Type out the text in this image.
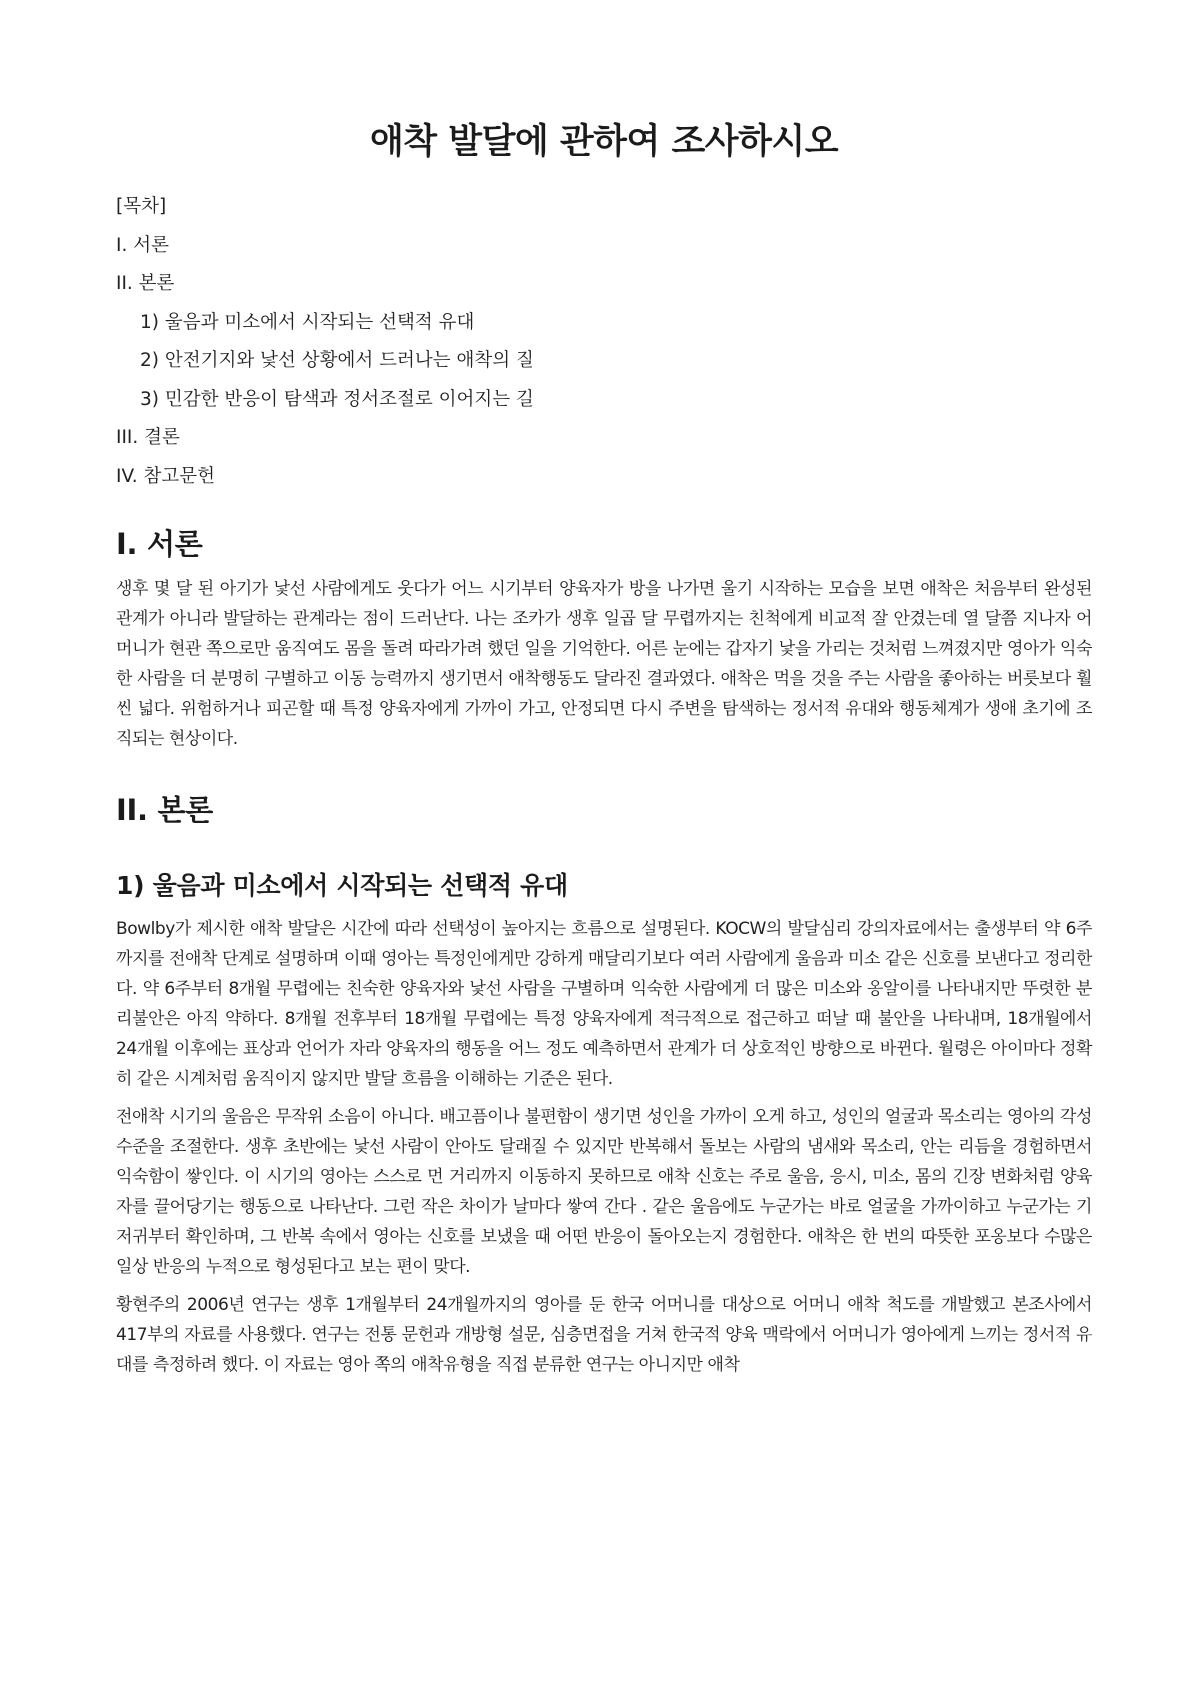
애착 발달에 관하여 조사하시오
[목차]
I. 서론
II. 본론
1) 울음과 미소에서 시작되는 선택적 유대
2) 안전기지와 낯선 상황에서 드러나는 애착의 질
3) 민감한 반응이 탐색과 정서조절로 이어지는 길
III. 결론
IV. 참고문헌
I. 서론

생후 몇 달 된 아기가 낯선 사람에게도 웃다가 어느 시기부터 양육자가 방을 나가면 울기 시작하는 모습을 보면 애착은 처음부터 완성된 관계가 아니라 발달하는 관계라는 점이 드러난다. 나는 조카가 생후 일곱 달 무렵까지는 친척에게 비교적 잘 안겼는데 열 달쯤 지나자 어머니가 현관 쪽으로만 움직여도 몸을 돌려 따라가려 했던 일을 기억한다. 어른 눈에는 갑자기 낯을 가리는 것처럼 느껴졌지만 영아가 익숙한 사람을 더 분명히 구별하고 이동 능력까지 생기면서 애착행동도 달라진 결과였다. 애착은 먹을 것을 주는 사람을 좋아하는 버릇보다 훨씬 넓다. 위험하거나 피곤할 때 특정 양육자에게 가까이 가고, 안정되면 다시 주변을 탐색하는 정서적 유대와 행동체계가 생애 초기에 조직되는 현상이다.

II. 본론
1) 울음과 미소에서 시작되는 선택적 유대

Bowlby가 제시한 애착 발달은 시간에 따라 선택성이 높아지는 흐름으로 설명된다. KOCW의 발달심리 강의자료에서는 출생부터 약 6주까지를 전애착 단계로 설명하며 이때 영아는 특정인에게만 강하게 매달리기보다 여러 사람에게 울음과 미소 같은 신호를 보낸다고 정리한다. 약 6주부터 8개월 무렵에는 친숙한 양육자와 낯선 사람을 구별하며 익숙한 사람에게 더 많은 미소와 옹알이를 나타내지만 뚜렷한 분리불안은 아직 약하다. 8개월 전후부터 18개월 무렵에는 특정 양육자에게 적극적으로 접근하고 떠날 때 불안을 나타내며, 18개월에서 24개월 이후에는 표상과 언어가 자라 양육자의 행동을 어느 정도 예측하면서 관계가 더 상호적인 방향으로 바뀐다. 월령은 아이마다 정확히 같은 시계처럼 움직이지 않지만 발달 흐름을 이해하는 기준은 된다.

전애착 시기의 울음은 무작위 소음이 아니다. 배고픔이나 불편함이 생기면 성인을 가까이 오게 하고, 성인의 얼굴과 목소리는 영아의 각성 수준을 조절한다. 생후 초반에는 낯선 사람이 안아도 달래질 수 있지만 반복해서 돌보는 사람의 냄새와 목소리, 안는 리듬을 경험하면서 익숙함이 쌓인다. 이 시기의 영아는 스스로 먼 거리까지 이동하지 못하므로 애착 신호는 주로 울음, 응시, 미소, 몸의 긴장 변화처럼 양육자를 끌어당기는 행동으로 나타난다. 그런 작은 차이가 날마다 쌓여 간다 . 같은 울음에도 누군가는 바로 얼굴을 가까이하고 누군가는 기저귀부터 확인하며, 그 반복 속에서 영아는 신호를 보냈을 때 어떤 반응이 돌아오는지 경험한다. 애착은 한 번의 따뜻한 포옹보다 수많은 일상 반응의 누적으로 형성된다고 보는 편이 맞다.

황현주의 2006년 연구는 생후 1개월부터 24개월까지의 영아를 둔 한국 어머니를 대상으로 어머니 애착 척도를 개발했고 본조사에서 417부의 자료를 사용했다. 연구는 전통 문헌과 개방형 설문, 심층면접을 거쳐 한국적 양육 맥락에서 어머니가 영아에게 느끼는 정서적 유대를 측정하려 했다. 이 자료는 영아 쪽의 애착유형을 직접 분류한 연구는 아니지만 애착
